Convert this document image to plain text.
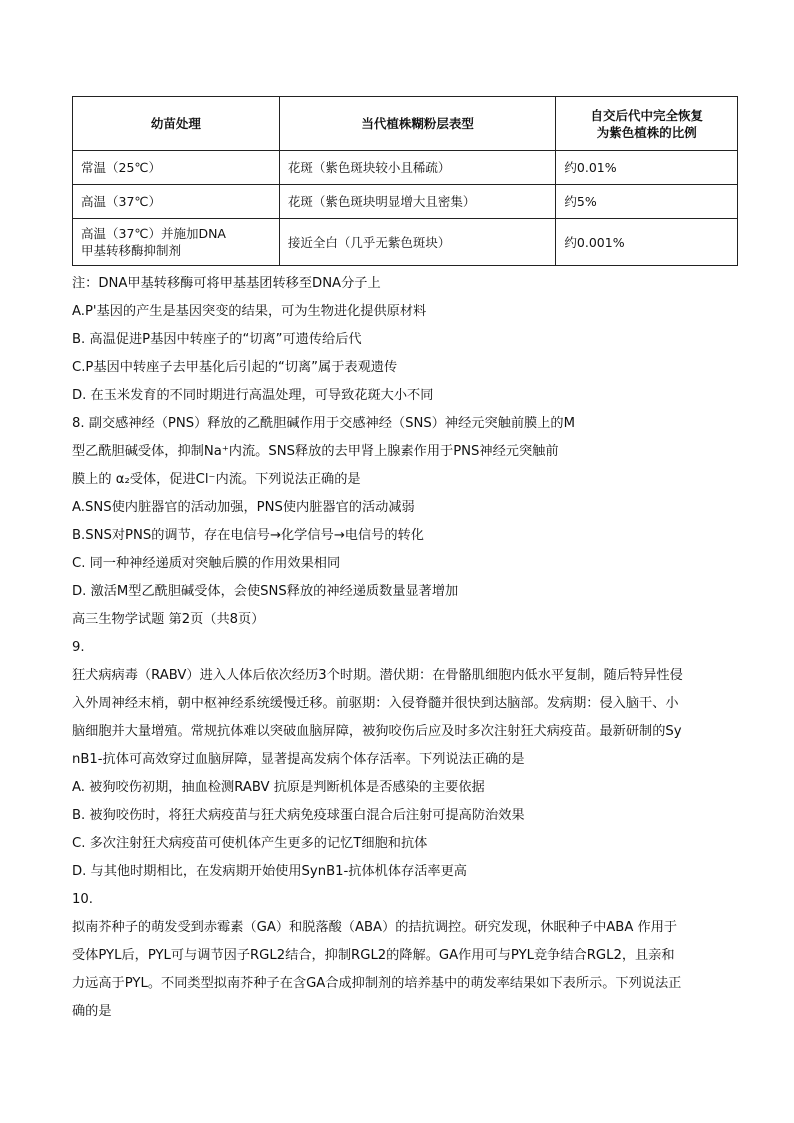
幼苗处理	当代植株糊粉层表型	自交后代中完全恢复
为紫色植株的比例
常温（25℃）	花斑（紫色斑块较小且稀疏）	约0.01%
高温（37℃）	花斑（紫色斑块明显增大且密集）	约5%
高温（37℃）并施加DNA
甲基转移酶抑制剂	接近全白（几乎无紫色斑块）	约0.001%

注：DNA甲基转移酶可将甲基基团转移至DNA分子上

A.P'基因的产生是基因突变的结果，可为生物进化提供原材料

B. 高温促进P基因中转座子的“切离”可遗传给后代

C.P基因中转座子去甲基化后引起的“切离”属于表观遗传

D. 在玉米发育的不同时期进行高温处理，可导致花斑大小不同

8. 副交感神经（PNS）释放的乙酰胆碱作用于交感神经（SNS）神经元突触前膜上的M

型乙酰胆碱受体，抑制Na⁺内流。SNS释放的去甲肾上腺素作用于PNS神经元突触前

膜上的 α₂受体，促进Cl⁻内流。下列说法正确的是

A.SNS使内脏器官的活动加强，PNS使内脏器官的活动减弱

B.SNS对PNS的调节，存在电信号→化学信号→电信号的转化

C. 同一种神经递质对突触后膜的作用效果相同

D. 激活M型乙酰胆碱受体，会使SNS释放的神经递质数量显著增加

高三生物学试题 第2页（共8页）

9.

狂犬病病毒（RABV）进入人体后依次经历3个时期。潜伏期：在骨骼肌细胞内低水平复制，随后特异性侵

入外周神经末梢，朝中枢神经系统缓慢迁移。前驱期：入侵脊髓并很快到达脑部。发病期：侵入脑干、小

脑细胞并大量增殖。常规抗体难以突破血脑屏障，被狗咬伤后应及时多次注射狂犬病疫苗。最新研制的Sy

nB1-抗体可高效穿过血脑屏障，显著提高发病个体存活率。下列说法正确的是

A. 被狗咬伤初期，抽血检测RABV 抗原是判断机体是否感染的主要依据

B. 被狗咬伤时，将狂犬病疫苗与狂犬病免疫球蛋白混合后注射可提高防治效果

C. 多次注射狂犬病疫苗可使机体产生更多的记忆T细胞和抗体

D. 与其他时期相比，在发病期开始使用SynB1-抗体机体存活率更高

10.

拟南芥种子的萌发受到赤霉素（GA）和脱落酸（ABA）的拮抗调控。研究发现，休眠种子中ABA 作用于

受体PYL后，PYL可与调节因子RGL2结合，抑制RGL2的降解。GA作用可与PYL竞争结合RGL2，且亲和

力远高于PYL。不同类型拟南芥种子在含GA合成抑制剂的培养基中的萌发率结果如下表所示。下列说法正

确的是
